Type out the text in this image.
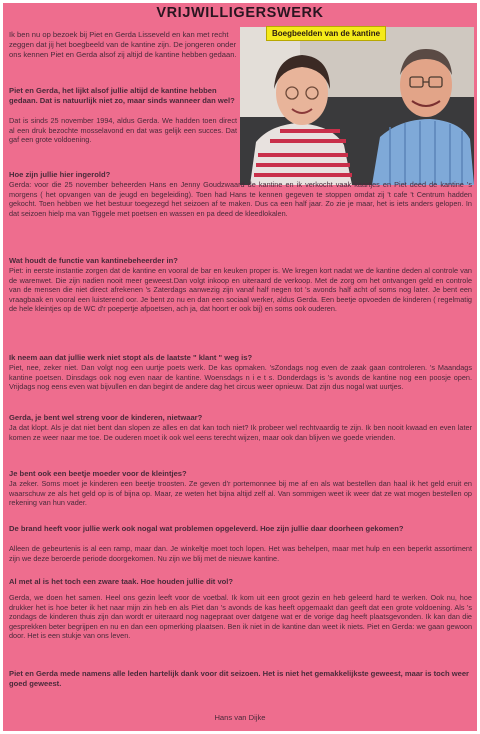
VRIJWILLIGERSWERK

Ik ben nu op bezoek bij Piet en Gerda Lisseveld en kan met recht zeggen dat jij het boegbeeld van de kantine zijn. De jongeren onder ons kennen Piet en Gerda alsof zij altijd de kantine hebben gedaan.

Boegbeelden van de kantine

Piet en Gerda, het lijkt alsof jullie altijd de kantine hebben gedaan. Dat is natuurlijk niet zo, maar sinds wanneer dan wel?

Dat is sinds 25 november 1994, aldus Gerda. We hadden toen direct al een druk bezochte mosselavond en dat was gelijk een succes. Dat gaf een grote voldoening.

Hoe zijn jullie hier ingerold?

Gerda: voor die 25 november beheerden Hans en Jenny Goudzwaard de kantine en ik verkocht vaak kaartjes en Piet deed de kantine 's morgens ( het opvangen van de jeugd en begeleiding). Toen had Hans te kennen gegeven te stoppen omdat zij 't cafe 't Centrum hadden gekocht. Toen hebben we het bestuur toegezegd het seizoen af te maken. Dus ca een half jaar. Zo zie je maar, het is iets anders gelopen. In dat seizoen hielp ma van Tiggele met poetsen en wassen en pa deed de kleedlokalen.

Wat houdt de functie van kantinebeheerder in?

Piet: in eerste instantie zorgen dat de kantine en vooral de bar en keuken proper is. We kregen kort nadat we de kantine deden al controle van de warenwet. Die zijn nadien nooit meer geweest.Dan volgt inkoop en uiteraard de verkoop. Met de zorg om het ontvangen geld en controle van de mensen die niet direct afrekenen 's Zaterdags aanwezig zijn vanaf half negen tot 's avonds half acht of soms nog later. Je bent een vraagbaak en vooral een luisterend oor. Je bent zo nu en dan een sociaal werker, aldus Gerda. Een beetje opvoeden de kinderen ( regelmatig de hele kleintjes op de WC d'r poepertje afpoetsen, ach ja, dat hoort er ook bij) en soms ook ouderen.

Ik neem aan dat jullie werk niet stopt als de laatste " klant " weg is?

Piet, nee, zeker niet. Dan volgt nog een uurtje poets werk. De kas opmaken. 'sZondags nog even de zaak gaan controleren. 's Maandags kantine poetsen. Dinsdags ook nog even naar de kantine. Woensdags n i e t s. Donderdags is 's avonds de kantine nog een poosje open. Vrijdags nog eens even wat bijvullen en dan begint de andere dag het circus weer opnieuw. Dat zijn dus nogal wat uurtjes.

Gerda, je bent wel streng voor de kinderen, nietwaar?

Ja dat klopt. Als je dat niet bent dan slopen ze alles en dat kan toch niet? Ik probeer wel rechtvaardig te zijn. Ik ben nooit kwaad en even later komen ze weer naar me toe. De ouderen moet ik ook wel eens terecht wijzen, maar ook dan blijven we goede vrienden.

Je bent ook een beetje moeder voor de kleintjes?

Ja zeker. Soms moet je kinderen een beetje troosten. Ze geven d'r portemonnee bij me af en als wat bestellen dan haal ik het geld eruit en waarschuw ze als het geld op is of bijna op. Maar, ze weten het bijna altijd zelf al. Van sommigen weet ik weer dat ze wat mogen bestellen op rekening van hun vader.

De brand heeft voor jullie werk ook nogal wat problemen opgeleverd. Hoe zijn jullie daar doorheen gekomen?

Alleen de gebeurtenis is al een ramp, maar dan. Je winkeltje moet toch lopen. Het was behelpen, maar met hulp en een beperkt assortiment zijn we deze beroerde periode doorgekomen. Nu zijn we blij met de nieuwe kantine.

Al met al is het toch een zware taak. Hoe houden jullie dit vol?

Gerda, we doen het samen. Heel ons gezin leeft voor de voetbal. Ik kom uit een groot gezin en heb geleerd hard te werken. Ook nu, hoe drukker het is hoe beter ik het naar mijn zin heb en als Piet dan 's avonds de kas heeft opgemaakt dan geeft dat een grote voldoening. Als 's zondags de kinderen thuis zijn dan wordt er uiteraard nog nagepraat over datgene wat er de vorige dag heeft plaatsgevonden. Ik kan dan die gesprekken beter begrijpen en nu en dan een opmerking plaatsen. Ben ik niet in de kantine dan weet ik niets. Piet en Gerda: we gaan gewoon door. Het is een stukje van ons leven.

Piet en Gerda mede namens alle leden hartelijk dank voor dit seizoen. Het is niet het gemakkelijkste geweest, maar is toch weer goed geweest.

Hans van Dijke
